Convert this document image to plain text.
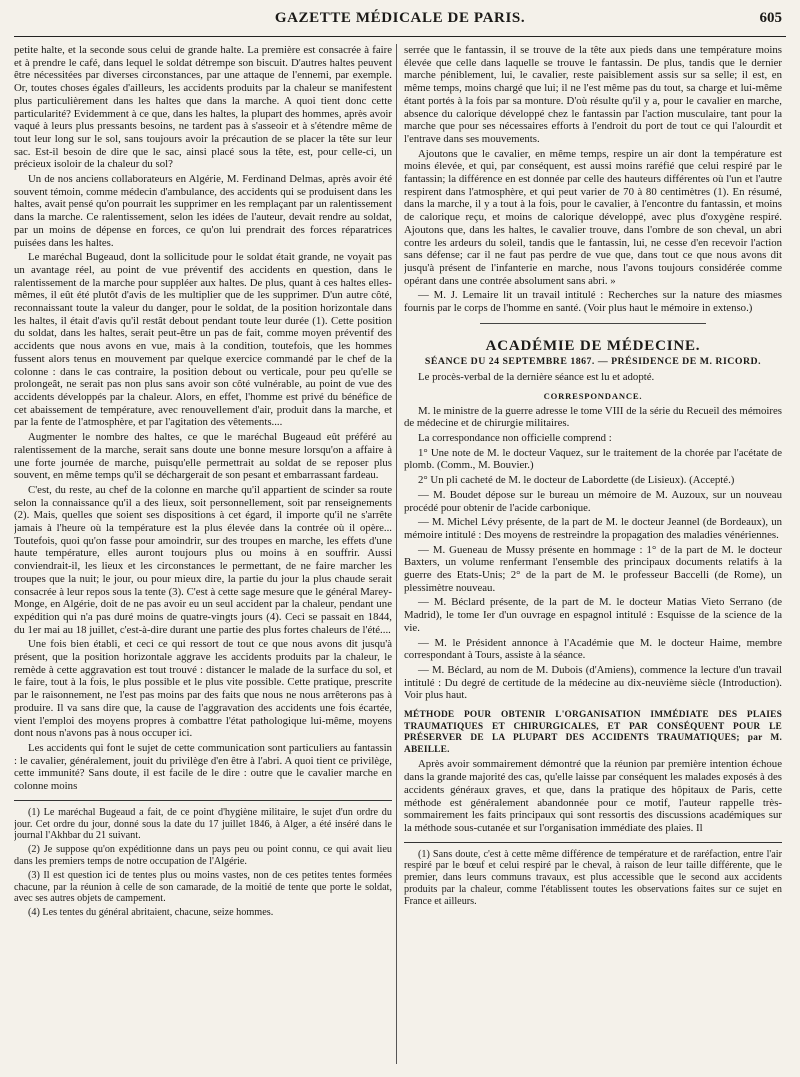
GAZETTE MÉDICALE DE PARIS.	605

petite halte, et la seconde sous celui de grande halte. La première est consacrée à faire et à prendre le café, dans lequel le soldat détrempe son biscuit. D'autres haltes peuvent être nécessitées par diverses circonstances, par une attaque de l'ennemi, par exemple. Or, toutes choses égales d'ailleurs, les accidents produits par la chaleur se manifestent plus particulièrement dans les haltes que dans la marche. A quoi tient donc cette particularité? Evidemment à ce que, dans les haltes, la plupart des hommes, après avoir vaqué à leurs plus pressants besoins, ne tardent pas à s'asseoir et à s'étendre même de tout leur long sur le sol, sans toujours avoir la précaution de se placer la tête sur leur sac. Est-il besoin de dire que le sac, ainsi placé sous la tête, est, pour celle-ci, un précieux isoloir de la chaleur du sol?

Un de nos anciens collaborateurs en Algérie, M. Ferdinand Delmas, après avoir été souvent témoin, comme médecin d'ambulance, des accidents qui se produisent dans les haltes, avait pensé qu'on pourrait les supprimer en les remplaçant par un ralentissement dans la marche. Ce ralentissement, selon les idées de l'auteur, devait rendre au soldat, par un moins de dépense en forces, ce qu'on lui prendrait des forces réparatrices puisées dans les haltes.

Le maréchal Bugeaud, dont la sollicitude pour le soldat était grande, ne voyait pas un avantage réel, au point de vue préventif des accidents en question, dans le ralentissement de la marche pour suppléer aux haltes. De plus, quant à ces haltes elles-mêmes, il eût été plutôt d'avis de les multiplier que de les supprimer. D'un autre côté, reconnaissant toute la valeur du danger, pour le soldat, de la position horizontale dans les haltes, il était d'avis qu'il restât debout pendant toute leur durée (1). Cette position du soldat, dans les haltes, serait peut-être un pas de fait, comme moyen préventif des accidents que nous avons en vue, mais à la condition, toutefois, que les hommes fussent alors tenus en mouvement par quelque exercice commandé par le chef de la colonne : dans le cas contraire, la position debout ou verticale, pour peu qu'elle se prolongeât, ne serait pas non plus sans avoir son côté vulnérable, au point de vue des accidents développés par la chaleur. Alors, en effet, l'homme est privé du bénéfice de cet abaissement de température, avec renouvellement d'air, produit dans la marche, et par la fente de l'atmosphère, et par l'agitation des vêtements....

Augmenter le nombre des haltes, ce que le maréchal Bugeaud eût préféré au ralentissement de la marche, serait sans doute une bonne mesure lorsqu'on a affaire à une forte journée de marche, puisqu'elle permettrait au soldat de se reposer plus souvent, en même temps qu'il se déchargerait de son pesant et embarrassant fardeau.

C'est, du reste, au chef de la colonne en marche qu'il appartient de scinder sa route selon la connaissance qu'il a des lieux, soit personnellement, soit par renseignements (2). Mais, quelles que soient ses dispositions à cet égard, il importe qu'il ne s'arrête jamais à l'heure où la température est la plus élevée dans la contrée où il opère... Toutefois, quoi qu'on fasse pour amoindrir, sur des troupes en marche, les effets d'une haute température, elles auront toujours plus ou moins à en souffrir. Aussi conviendrait-il, les lieux et les circonstances le permettant, de ne faire marcher les troupes que la nuit; le jour, ou pour mieux dire, la partie du jour la plus chaude serait consacrée à leur repos sous la tente (3). C'est à cette sage mesure que le général Marey-Monge, en Algérie, doit de ne pas avoir eu un seul accident par la chaleur, pendant une expédition qui n'a pas duré moins de quatre-vingts jours (4). Ceci se passait en 1844, du 1er mai au 18 juillet, c'est-à-dire durant une partie des plus fortes chaleurs de l'été....

Une fois bien établi, et ceci ce qui ressort de tout ce que nous avons dit jusqu'à présent, que la position horizontale aggrave les accidents produits par la chaleur, le remède à cette aggravation est tout trouvé : distancer le malade de la surface du sol, et le faire, tout à la fois, le plus possible et le plus vite possible. Cette pratique, prescrite par le raisonnement, ne l'est pas moins par des faits que nous ne nous arrêterons pas à produire. Il va sans dire que, la cause de l'aggravation des accidents une fois écartée, vient l'emploi des moyens propres à combattre l'état pathologique lui-même, moyens dont nous n'avons pas à nous occuper ici.

Les accidents qui font le sujet de cette communication sont particuliers au fantassin : le cavalier, généralement, jouit du privilège d'en être à l'abri. A quoi tient ce privilège, cette immunité? Sans doute, il est facile de le dire : outre que le cavalier marche en colonne moins

(1) Le maréchal Bugeaud a fait, de ce point d'hygiène militaire, le sujet d'un ordre du jour. Cet ordre du jour, donné sous la date du 17 juillet 1846, à Alger, a été inséré dans le journal l'Akhbar du 21 suivant.

(2) Je suppose qu'on expéditionne dans un pays peu ou point connu, ce qui avait lieu dans les premiers temps de notre occupation de l'Algérie.

(3) Il est question ici de tentes plus ou moins vastes, non de ces petites tentes formées chacune, par la réunion à celle de son camarade, de la moitié de tente que porte le soldat, avec ses autres objets de campement.

(4) Les tentes du général abritaient, chacune, seize hommes.

serrée que le fantassin, il se trouve de la tête aux pieds dans une température moins élevée que celle dans laquelle se trouve le fantassin. De plus, tandis que le dernier marche péniblement, lui, le cavalier, reste paisiblement assis sur sa selle; il est, en même temps, moins chargé que lui; il ne l'est même pas du tout, sa charge et lui-même étant portés à la fois par sa monture. D'où résulte qu'il y a, pour le cavalier en marche, absence du calorique développé chez le fantassin par l'action musculaire, tant pour la marche que pour ses nécessaires efforts à l'endroit du port de tout ce qui l'alourdit et l'entrave dans ses mouvements.

Ajoutons que le cavalier, en même temps, respire un air dont la température est moins élevée, et qui, par conséquent, est aussi moins raréfié que celui respiré par le fantassin; la différence en est donnée par celle des hauteurs différentes où l'un et l'autre respirent dans l'atmosphère, et qui peut varier de 70 à 80 centimètres (1). En résumé, dans la marche, il y a tout à la fois, pour le cavalier, à l'encontre du fantassin, et moins de calorique reçu, et moins de calorique développé, avec plus d'oxygène respiré. Ajoutons que, dans les haltes, le cavalier trouve, dans l'ombre de son cheval, un abri contre les ardeurs du soleil, tandis que le fantassin, lui, ne cesse d'en recevoir l'action sans défense; car il ne faut pas perdre de vue que, dans tout ce que nous avons dit jusqu'à présent de l'infanterie en marche, nous l'avons toujours considérée comme opérant dans une contrée absolument sans abri. »

— M. J. Lemaire lit un travail intitulé : Recherches sur la nature des miasmes fournis par le corps de l'homme en santé. (Voir plus haut le mémoire in extenso.)

ACADÉMIE DE MÉDECINE.

SÉANCE DU 24 SEPTEMBRE 1867. — PRÉSIDENCE DE M. RICORD.

Le procès-verbal de la dernière séance est lu et adopté.

CORRESPONDANCE.

M. le ministre de la guerre adresse le tome VIII de la série du Recueil des mémoires de médecine et de chirurgie militaires.

La correspondance non officielle comprend :

1° Une note de M. le docteur Vaquez, sur le traitement de la chorée par l'acétate de plomb. (Comm., M. Bouvier.)

2° Un pli cacheté de M. le docteur de Labordette (de Lisieux). (Accepté.)

— M. Boudet dépose sur le bureau un mémoire de M. Auzoux, sur un nouveau procédé pour obtenir de l'acide carbonique.

— M. Michel Lévy présente, de la part de M. le docteur Jeannel (de Bordeaux), un mémoire intitulé : Des moyens de restreindre la propagation des maladies vénériennes.

— M. Gueneau de Mussy présente en hommage : 1° de la part de M. le docteur Baxters, un volume renfermant l'ensemble des principaux documents relatifs à la guerre des Etats-Unis; 2° de la part de M. le professeur Baccelli (de Rome), un plessimètre nouveau.

— M. Béclard présente, de la part de M. le docteur Matias Vieto Serrano (de Madrid), le tome Ier d'un ouvrage en espagnol intitulé : Esquisse de la science de la vie.

— M. le Président annonce à l'Académie que M. le docteur Haime, membre correspondant à Tours, assiste à la séance.

— M. Béclard, au nom de M. Dubois (d'Amiens), commence la lecture d'un travail intitulé : Du degré de certitude de la médecine au dix-neuvième siècle (Introduction). Voir plus haut.

MÉTHODE POUR OBTENIR L'ORGANISATION IMMÉDIATE DES PLAIES TRAUMATIQUES ET CHIRURGICALES, ET PAR CONSÉQUENT POUR LE PRÉSERVER DE LA PLUPART DES ACCIDENTS TRAUMATIQUES; par M. ABEILLE.

Après avoir sommairement démontré que la réunion par première intention échoue dans la grande majorité des cas, qu'elle laisse par conséquent les malades exposés à des accidents généraux graves, et que, dans la pratique des hôpitaux de Paris, cette méthode est généralement abandonnée pour ce motif, l'auteur rappelle très-sommairement les faits principaux qui sont ressortis des discussions académiques sur la méthode sous-cutanée et sur l'organisation immédiate des plaies. Il

(1) Sans doute, c'est à cette même différence de température et de raréfaction, entre l'air respiré par le bœuf et celui respiré par le cheval, à raison de leur taille différente, que le premier, dans leurs communs travaux, est plus accessible que le second aux accidents produits par la chaleur, comme l'établissent toutes les observations faites sur ce sujet en France et ailleurs.
